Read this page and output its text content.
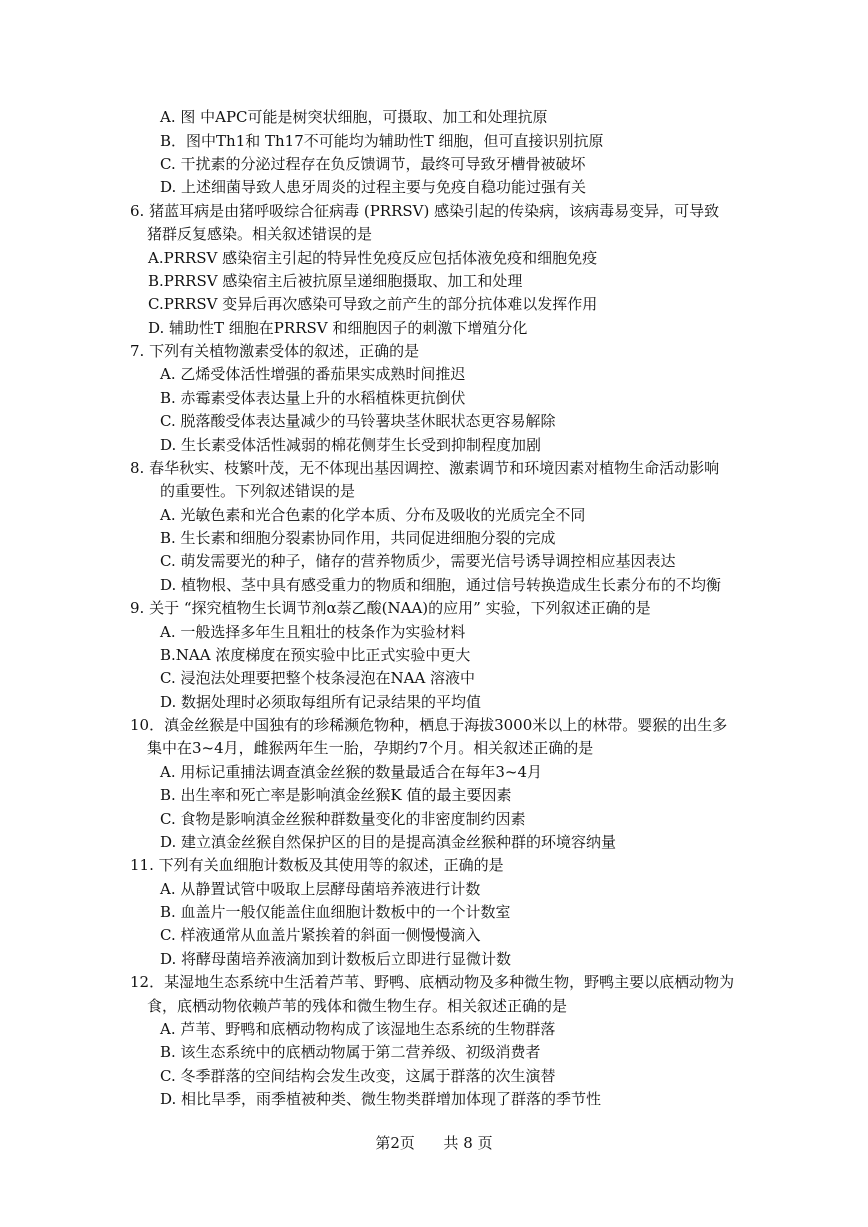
A. 图 中APC可能是树突状细胞，可摄取、加工和处理抗原
B．图中Th1和 Th17不可能均为辅助性T 细胞，但可直接识别抗原
C. 干扰素的分泌过程存在负反馈调节，最终可导致牙槽骨被破坏
D. 上述细菌导致人患牙周炎的过程主要与免疫自稳功能过强有关
6. 猪蓝耳病是由猪呼吸综合征病毒 (PRRSV) 感染引起的传染病，该病毒易变异，可导致
猪群反复感染。相关叙述错误的是
A.PRRSV 感染宿主引起的特异性免疫反应包括体液免疫和细胞免疫
B.PRRSV 感染宿主后被抗原呈递细胞摄取、加工和处理
C.PRRSV 变异后再次感染可导致之前产生的部分抗体难以发挥作用
D. 辅助性T 细胞在PRRSV 和细胞因子的刺激下增殖分化
7. 下列有关植物激素受体的叙述，正确的是
A. 乙烯受体活性增强的番茄果实成熟时间推迟
B. 赤霉素受体表达量上升的水稻植株更抗倒伏
C. 脱落酸受体表达量减少的马铃薯块茎休眠状态更容易解除
D. 生长素受体活性减弱的棉花侧芽生长受到抑制程度加剧
8. 春华秋实、枝繁叶茂，无不体现出基因调控、激素调节和环境因素对植物生命活动影响
的重要性。下列叙述错误的是
A. 光敏色素和光合色素的化学本质、分布及吸收的光质完全不同
B. 生长素和细胞分裂素协同作用，共同促进细胞分裂的完成
C. 萌发需要光的种子，储存的营养物质少，需要光信号诱导调控相应基因表达
D. 植物根、茎中具有感受重力的物质和细胞，通过信号转换造成生长素分布的不均衡
9. 关于 “探究植物生长调节剂α萘乙酸(NAA)的应用” 实验，下列叙述正确的是
A. 一般选择多年生且粗壮的枝条作为实验材料
B.NAA 浓度梯度在预实验中比正式实验中更大
C. 浸泡法处理要把整个枝条浸泡在NAA 溶液中
D. 数据处理时必须取每组所有记录结果的平均值
10．滇金丝猴是中国独有的珍稀濒危物种，栖息于海拔3000米以上的林带。婴猴的出生多
集中在3~4月，雌猴两年生一胎，孕期约7个月。相关叙述正确的是
A. 用标记重捕法调查滇金丝猴的数量最适合在每年3~4月
B. 出生率和死亡率是影响滇金丝猴K 值的最主要因素
C. 食物是影响滇金丝猴种群数量变化的非密度制约因素
D. 建立滇金丝猴自然保护区的目的是提高滇金丝猴种群的环境容纳量
11. 下列有关血细胞计数板及其使用等的叙述，正确的是
A. 从静置试管中吸取上层酵母菌培养液进行计数
B. 血盖片一般仅能盖住血细胞计数板中的一个计数室
C. 样液通常从血盖片紧挨着的斜面一侧慢慢滴入
D. 将酵母菌培养液滴加到计数板后立即进行显微计数
12．某湿地生态系统中生活着芦苇、野鸭、底栖动物及多种微生物，野鸭主要以底栖动物为
食，底栖动物依赖芦苇的残体和微生物生存。相关叙述正确的是
A. 芦苇、野鸭和底栖动物构成了该湿地生态系统的生物群落
B. 该生态系统中的底栖动物属于第二营养级、初级消费者
C. 冬季群落的空间结构会发生改变，这属于群落的次生演替
D. 相比旱季，雨季植被种类、微生物类群增加体现了群落的季节性
第2页      共 8 页
